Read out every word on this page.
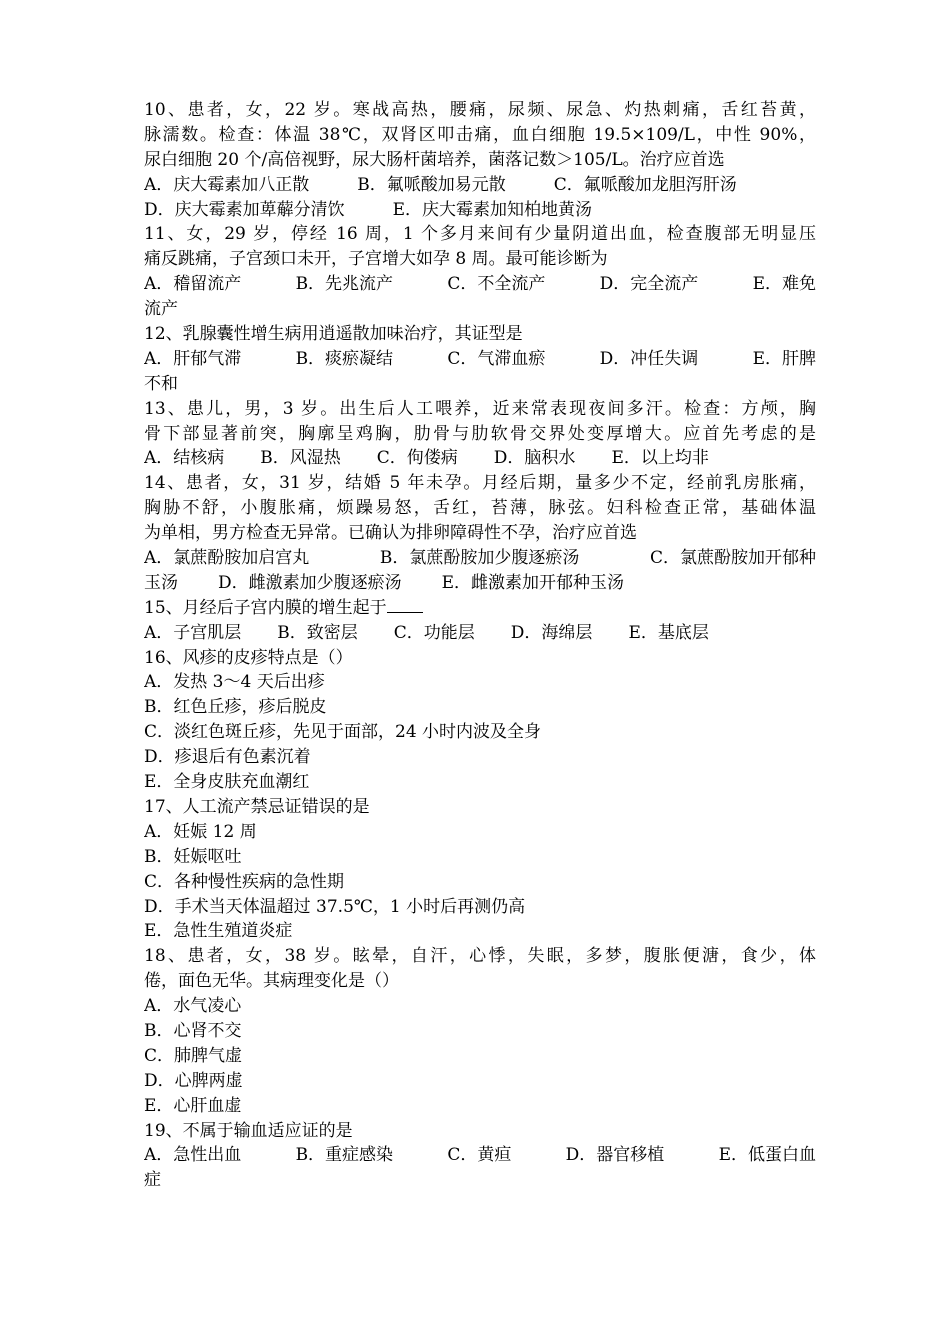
10、患者，女，22 岁。寒战高热，腰痛，尿频、尿急、灼热刺痛，舌红苔黄，
脉濡数。检查：体温 38℃，双肾区叩击痛，血白细胞 19.5×109/L，中性 90%，
尿白细胞 20 个/高倍视野，尿大肠杆菌培养，菌落记数＞105/L。治疗应首选
A．庆大霉素加八正散	B．氟哌酸加易元散	C．氟哌酸加龙胆泻肝汤
D．庆大霉素加萆薢分清饮	E．庆大霉素加知柏地黄汤
11、女，29 岁，停经 16 周，1 个多月来间有少量阴道出血，检查腹部无明显压
痛反跳痛，子宫颈口未开，子宫增大如孕 8 周。最可能诊断为
A．稽留流产	B．先兆流产	C．不全流产	D．完全流产	E．难免
流产
12、乳腺囊性增生病用逍遥散加味治疗，其证型是
A．肝郁气滞	B．痰瘀凝结	C．气滞血瘀	D．冲任失调	E．肝脾
不和
13、患儿，男，3 岁。出生后人工喂养，近来常表现夜间多汗。检查：方颅，胸
骨下部显著前突，胸廓呈鸡胸，肋骨与肋软骨交界处变厚增大。应首先考虑的是
A．结核病 B．风湿热 C．佝偻病 D．脑积水 E．以上均非
14、患者，女，31 岁，结婚 5 年未孕。月经后期，量多少不定，经前乳房胀痛，
胸胁不舒，小腹胀痛，烦躁易怒，舌红，苔薄，脉弦。妇科检查正常，基础体温
为单相，男方检查无异常。已确认为排卵障碍性不孕，治疗应首选
A．氯蔗酚胺加启宫丸	B．氯蔗酚胺加少腹逐瘀汤	C．氯蔗酚胺加开郁种
玉汤 D．雌激素加少腹逐瘀汤 E．雌激素加开郁种玉汤
15、月经后子宫内膜的增生起于
A．子宫肌层 B．致密层 C．功能层 D．海绵层 E．基底层
16、风疹的皮疹特点是（）
A．发热 3～4 天后出疹
B．红色丘疹，疹后脱皮
C．淡红色斑丘疹，先见于面部，24 小时内波及全身
D．疹退后有色素沉着
E．全身皮肤充血潮红
17、人工流产禁忌证错误的是
A．妊娠 12 周
B．妊娠呕吐
C．各种慢性疾病的急性期
D．手术当天体温超过 37.5℃，1 小时后再测仍高
E．急性生殖道炎症
18、患者，女，38 岁。眩晕，自汗，心悸，失眠，多梦，腹胀便溏，食少，体
倦，面色无华。其病理变化是（）
A．水气凌心
B．心肾不交
C．肺脾气虚
D．心脾两虚
E．心肝血虚
19、不属于输血适应证的是
A．急性出血	B．重症感染	C．黄疸	D．器官移植	E．低蛋白血
症
